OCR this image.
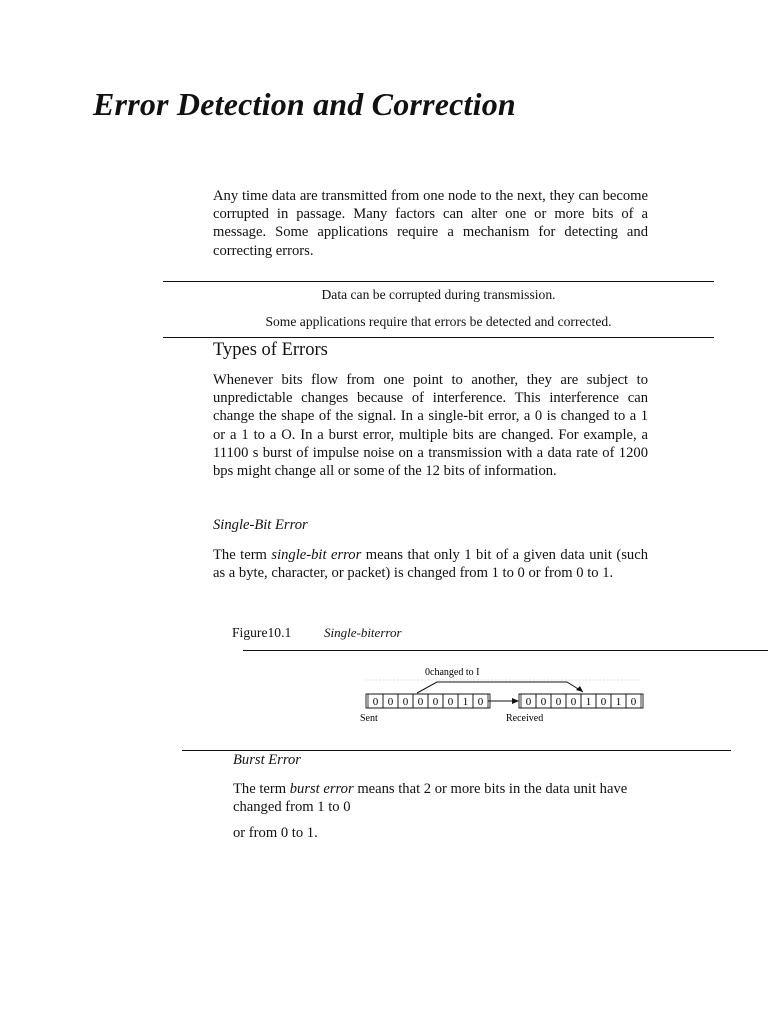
Error Detection and Correction

Any time data are transmitted from one node to the next, they can become corrupted in passage. Many factors can alter one or more bits of a message. Some applications require a mechanism for detecting and correcting errors.

Data can be corrupted during transmission.
Some applications require that errors be detected and corrected.
Types of Errors

Whenever bits flow from one point to another, they are subject to unpredictable changes because of interference. This interference can change the shape of the signal. In a single-bit error, a 0 is changed to a 1 or a 1 to a O. In a burst error, multiple bits are changed. For example, a 11100 s burst of impulse noise on a transmission with a data rate of 1200 bps might change all or some of the 12 bits of information.

Single-Bit Error

The term single-bit error means that only 1 bit of a given data unit (such as a byte, character, or packet) is changed from 1 to 0 or from 0 to 1.

Figure10.1	Single-biterror
0changed to I
0 0 0 0 0 0 1 0	0 0 0 0 1 0 1 0
Sent	Received
Burst Error

The term burst error means that 2 or more bits in the data unit have changed from 1 to 0

or from 0 to 1.
